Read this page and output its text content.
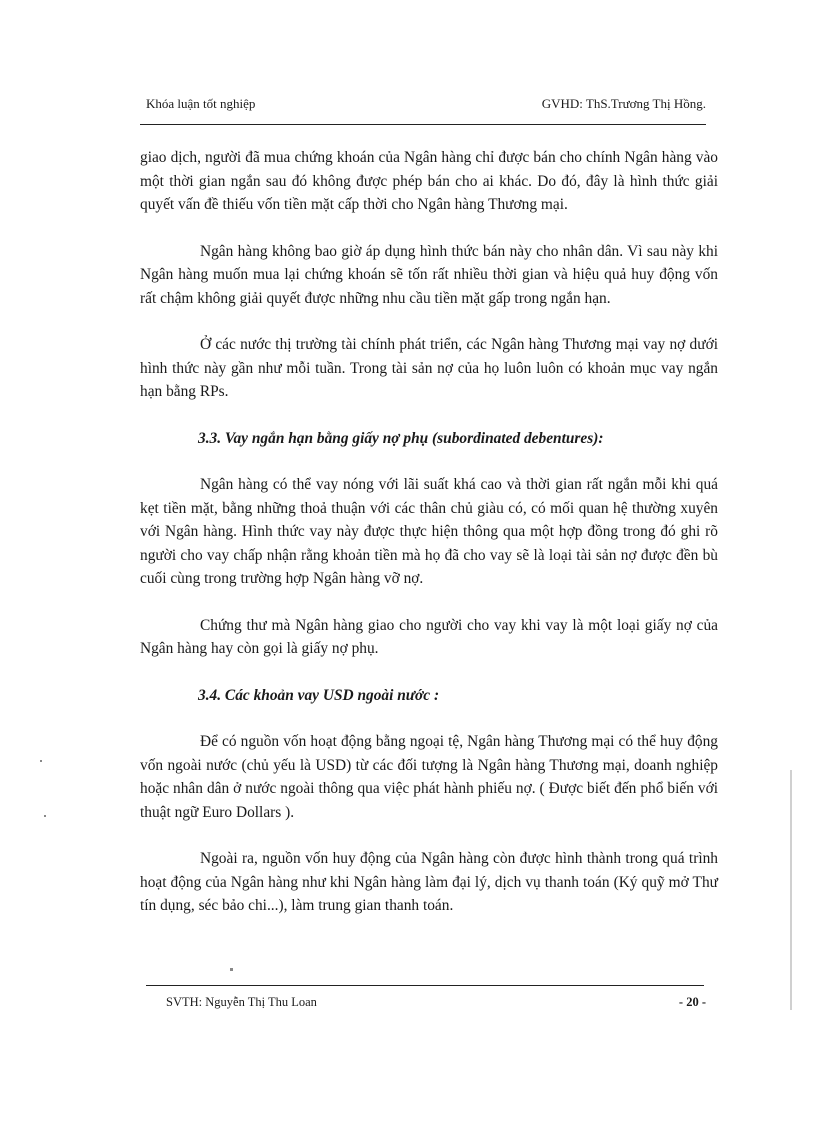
Khóa luận tốt nghiệp	GVHD: ThS.Trương Thị Hồng.

giao dịch, người đã mua chứng khoán của Ngân hàng chỉ được bán cho chính Ngân hàng vào một thời gian ngắn sau đó không được phép bán cho ai khác. Do đó, đây là hình thức giải quyết vấn đề thiếu vốn tiền mặt cấp thời cho Ngân hàng Thương mại.

Ngân hàng không bao giờ áp dụng hình thức bán này cho nhân dân. Vì sau này khi Ngân hàng muốn mua lại chứng khoán sẽ tốn rất nhiều thời gian và hiệu quả huy động vốn rất chậm không giải quyết được những nhu cầu tiền mặt gấp trong ngắn hạn.

Ở các nước thị trường tài chính phát triển, các Ngân hàng Thương mại vay nợ dưới hình thức này gần như mỗi tuần. Trong tài sản nợ của họ luôn luôn có khoản mục vay ngắn hạn bằng RPs.

3.3. Vay ngắn hạn bằng giấy nợ phụ (subordinated debentures):

Ngân hàng có thể vay nóng với lãi suất khá cao và thời gian rất ngắn mỗi khi quá kẹt tiền mặt, bằng những thoả thuận với các thân chủ giàu có, có mối quan hệ thường xuyên với Ngân hàng. Hình thức vay này được thực hiện thông qua một hợp đồng trong đó ghi rõ người cho vay chấp nhận rằng khoản tiền mà họ đã cho vay sẽ là loại tài sản nợ được đền bù cuối cùng trong trường hợp Ngân hàng vỡ nợ.

Chứng thư mà Ngân hàng giao cho người cho vay khi vay là một loại giấy nợ của Ngân hàng hay còn gọi là giấy nợ phụ.

3.4. Các khoản vay USD ngoài nước :

Để có nguồn vốn hoạt động bằng ngoại tệ, Ngân hàng Thương mại có thể huy động vốn ngoài nước (chủ yếu là USD) từ các đối tượng là Ngân hàng Thương mại, doanh nghiệp hoặc nhân dân ở nước ngoài thông qua việc phát hành phiếu nợ. ( Được biết đến phổ biến với thuật ngữ Euro Dollars ).

Ngoài ra, nguồn vốn huy động của Ngân hàng còn được hình thành trong quá trình hoạt động của Ngân hàng như khi Ngân hàng làm đại lý, dịch vụ thanh toán (Ký quỹ mở Thư tín dụng, séc bảo chi...), làm trung gian thanh toán.

SVTH: Nguyễn Thị Thu Loan	- 20 -
